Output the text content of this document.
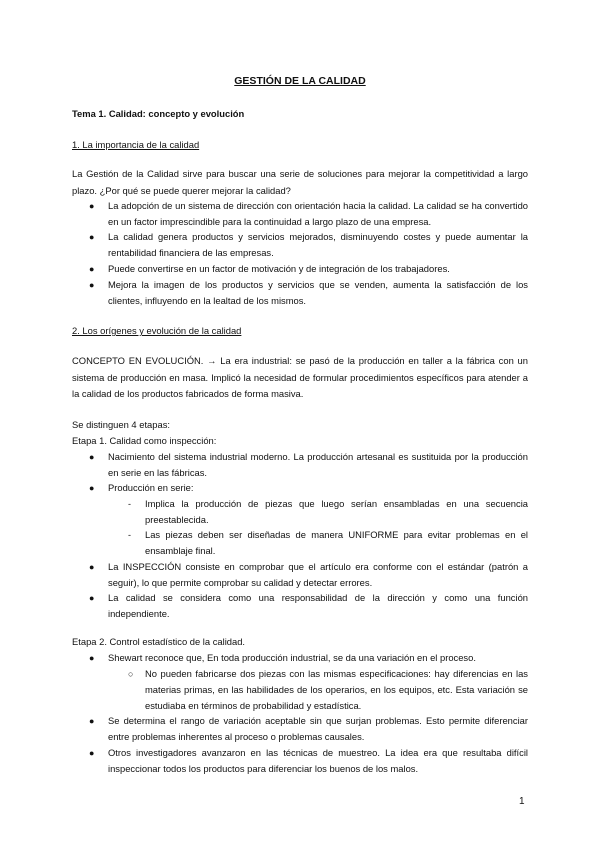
GESTIÓN DE LA CALIDAD
Tema 1. Calidad: concepto y evolución
1. La importancia de la calidad
La Gestión de la Calidad sirve para buscar una serie de soluciones para mejorar la competitividad a largo plazo. ¿Por qué se puede querer mejorar la calidad?
● La adopción de un sistema de dirección con orientación hacia la calidad. La calidad se ha convertido en un factor imprescindible para la continuidad a largo plazo de una empresa.
● La calidad genera productos y servicios mejorados, disminuyendo costes y puede aumentar la rentabilidad financiera de las empresas.
● Puede convertirse en un factor de motivación y de integración de los trabajadores.
● Mejora la imagen de los productos y servicios que se venden, aumenta la satisfacción de los clientes, influyendo en la lealtad de los mismos.
2. Los orígenes y evolución de la calidad
CONCEPTO EN EVOLUCIÓN. → La era industrial: se pasó de la producción en taller a la fábrica con un sistema de producción en masa. Implicó la necesidad de formular procedimientos específicos para atender a la calidad de los productos fabricados de forma masiva.
Se distinguen 4 etapas:
Etapa 1. Calidad como inspección:
● Nacimiento del sistema industrial moderno. La producción artesanal es sustituida por la producción en serie en las fábricas.
● Producción en serie:
- Implica la producción de piezas que luego serían ensambladas en una secuencia preestablecida.
- Las piezas deben ser diseñadas de manera UNIFORME para evitar problemas en el ensamblaje final.
● La INSPECCIÓN consiste en comprobar que el artículo era conforme con el estándar (patrón a seguir), lo que permite comprobar su calidad y detectar errores.
● La calidad se considera como una responsabilidad de la dirección y como una función independiente.
Etapa 2. Control estadístico de la calidad.
● Shewart reconoce que, En toda producción industrial, se da una variación en el proceso.
○ No pueden fabricarse dos piezas con las mismas especificaciones: hay diferencias en las materias primas, en las habilidades de los operarios, en los equipos, etc. Esta variación se estudiaba en términos de probabilidad y estadística.
● Se determina el rango de variación aceptable sin que surjan problemas. Esto permite diferenciar entre problemas inherentes al proceso o problemas causales.
● Otros investigadores avanzaron en las técnicas de muestreo. La idea era que resultaba difícil inspeccionar todos los productos para diferenciar los buenos de los malos.
1
